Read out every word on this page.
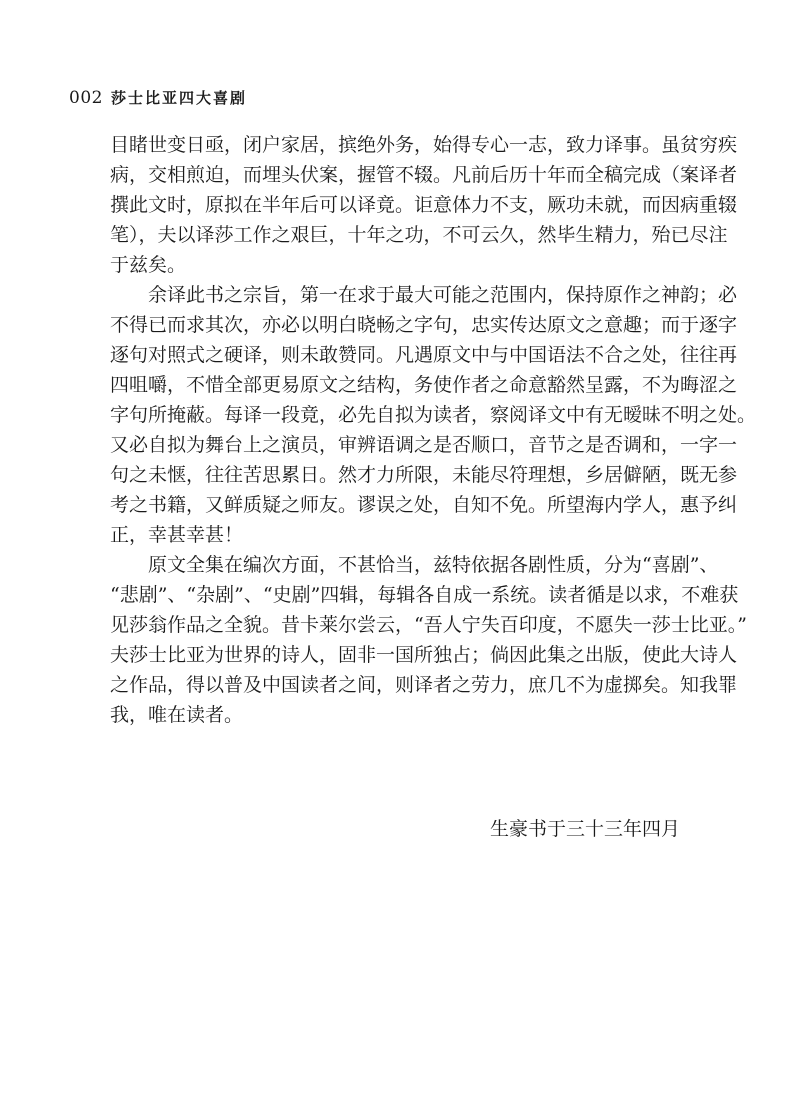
002 莎士比亚四大喜剧
目睹世变日亟，闭户家居，摈绝外务，始得专心一志，致力译事。虽贫穷疾
病，交相煎迫，而埋头伏案，握管不辍。凡前后历十年而全稿完成（案译者
撰此文时，原拟在半年后可以译竟。讵意体力不支，厥功未就，而因病重辍
笔），夫以译莎工作之艰巨，十年之功，不可云久，然毕生精力，殆已尽注
于兹矣。
余译此书之宗旨，第一在求于最大可能之范围内，保持原作之神韵；必
不得已而求其次，亦必以明白晓畅之字句，忠实传达原文之意趣；而于逐字
逐句对照式之硬译，则未敢赞同。凡遇原文中与中国语法不合之处，往往再
四咀嚼，不惜全部更易原文之结构，务使作者之命意豁然呈露，不为晦涩之
字句所掩蔽。每译一段竟，必先自拟为读者，察阅译文中有无暧昧不明之处。
又必自拟为舞台上之演员，审辨语调之是否顺口，音节之是否调和，一字一
句之未惬，往往苦思累日。然才力所限，未能尽符理想，乡居僻陋，既无参
考之书籍，又鲜质疑之师友。谬误之处，自知不免。所望海内学人，惠予纠
正，幸甚幸甚！
原文全集在编次方面，不甚恰当，兹特依据各剧性质，分为“喜剧”、
“悲剧”、“杂剧”、“史剧”四辑，每辑各自成一系统。读者循是以求，不难获
见莎翁作品之全貌。昔卡莱尔尝云，“吾人宁失百印度，不愿失一莎士比亚。”
夫莎士比亚为世界的诗人，固非一国所独占；倘因此集之出版，使此大诗人
之作品，得以普及中国读者之间，则译者之劳力，庶几不为虚掷矣。知我罪
我，唯在读者。
生豪书于三十三年四月
